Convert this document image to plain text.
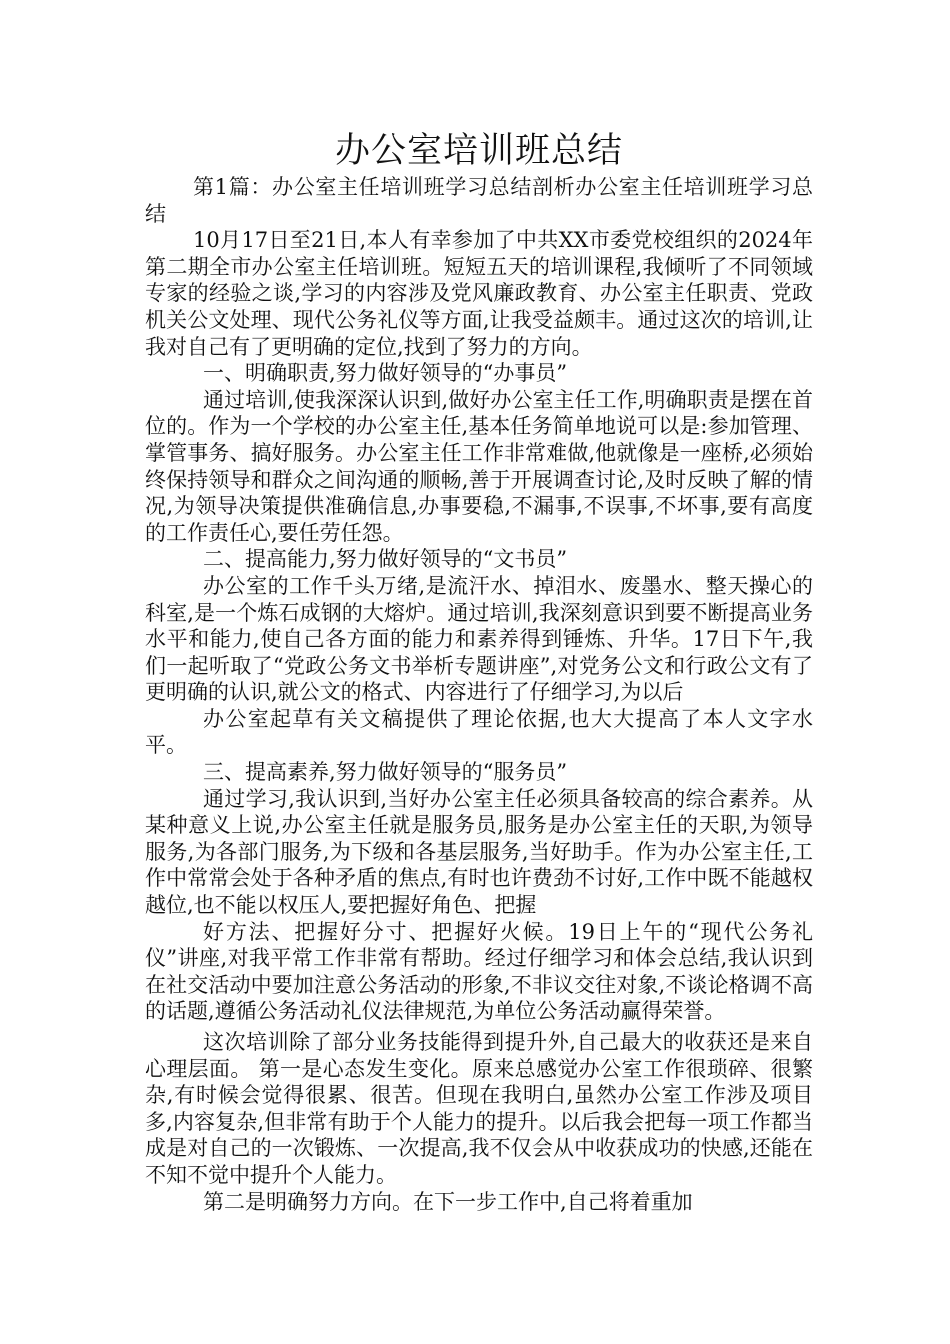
办公室培训班总结

第1篇：办公室主任培训班学习总结剖析办公室主任培训班学习总结

10月17日至21日,本人有幸参加了中共XX市委党校组织的2024年第二期全市办公室主任培训班。短短五天的培训课程,我倾听了不同领域专家的经验之谈,学习的内容涉及党风廉政教育、办公室主任职责、党政机关公文处理、现代公务礼仪等方面,让我受益颇丰。通过这次的培训,让我对自己有了更明确的定位,找到了努力的方向。

一、明确职责,努力做好领导的“办事员”

通过培训,使我深深认识到,做好办公室主任工作,明确职责是摆在首位的。作为一个学校的办公室主任,基本任务简单地说可以是:参加管理、掌管事务、搞好服务。办公室主任工作非常难做,他就像是一座桥,必须始终保持领导和群众之间沟通的顺畅,善于开展调查讨论,及时反映了解的情况,为领导决策提供准确信息,办事要稳,不漏事,不误事,不坏事,要有高度的工作责任心,要任劳任怨。

二、提高能力,努力做好领导的“文书员”

办公室的工作千头万绪,是流汗水、掉泪水、废墨水、整天操心的科室,是一个炼石成钢的大熔炉。通过培训,我深刻意识到要不断提高业务水平和能力,使自己各方面的能力和素养得到锤炼、升华。17日下午,我们一起听取了“党政公务文书举析专题讲座”,对党务公文和行政公文有了更明确的认识,就公文的格式、内容进行了仔细学习,为以后

办公室起草有关文稿提供了理论依据,也大大提高了本人文字水平。

三、提高素养,努力做好领导的“服务员”

通过学习,我认识到,当好办公室主任必须具备较高的综合素养。从某种意义上说,办公室主任就是服务员,服务是办公室主任的天职,为领导服务,为各部门服务,为下级和各基层服务,当好助手。作为办公室主任,工作中常常会处于各种矛盾的焦点,有时也许费劲不讨好,工作中既不能越权越位,也不能以权压人,要把握好角色、把握

好方法、把握好分寸、把握好火候。19日上午的“现代公务礼仪”讲座,对我平常工作非常有帮助。经过仔细学习和体会总结,我认识到在社交活动中要加注意公务活动的形象,不非议交往对象,不谈论格调不高的话题,遵循公务活动礼仪法律规范,为单位公务活动赢得荣誉。

这次培训除了部分业务技能得到提升外,自己最大的收获还是来自心理层面。 第一是心态发生变化。原来总感觉办公室工作很琐碎、很繁杂,有时候会觉得很累、很苦。但现在我明白,虽然办公室工作涉及项目多,内容复杂,但非常有助于个人能力的提升。以后我会把每一项工作都当成是对自己的一次锻炼、一次提高,我不仅会从中收获成功的快感,还能在不知不觉中提升个人能力。

第二是明确努力方向。在下一步工作中,自己将着重加
